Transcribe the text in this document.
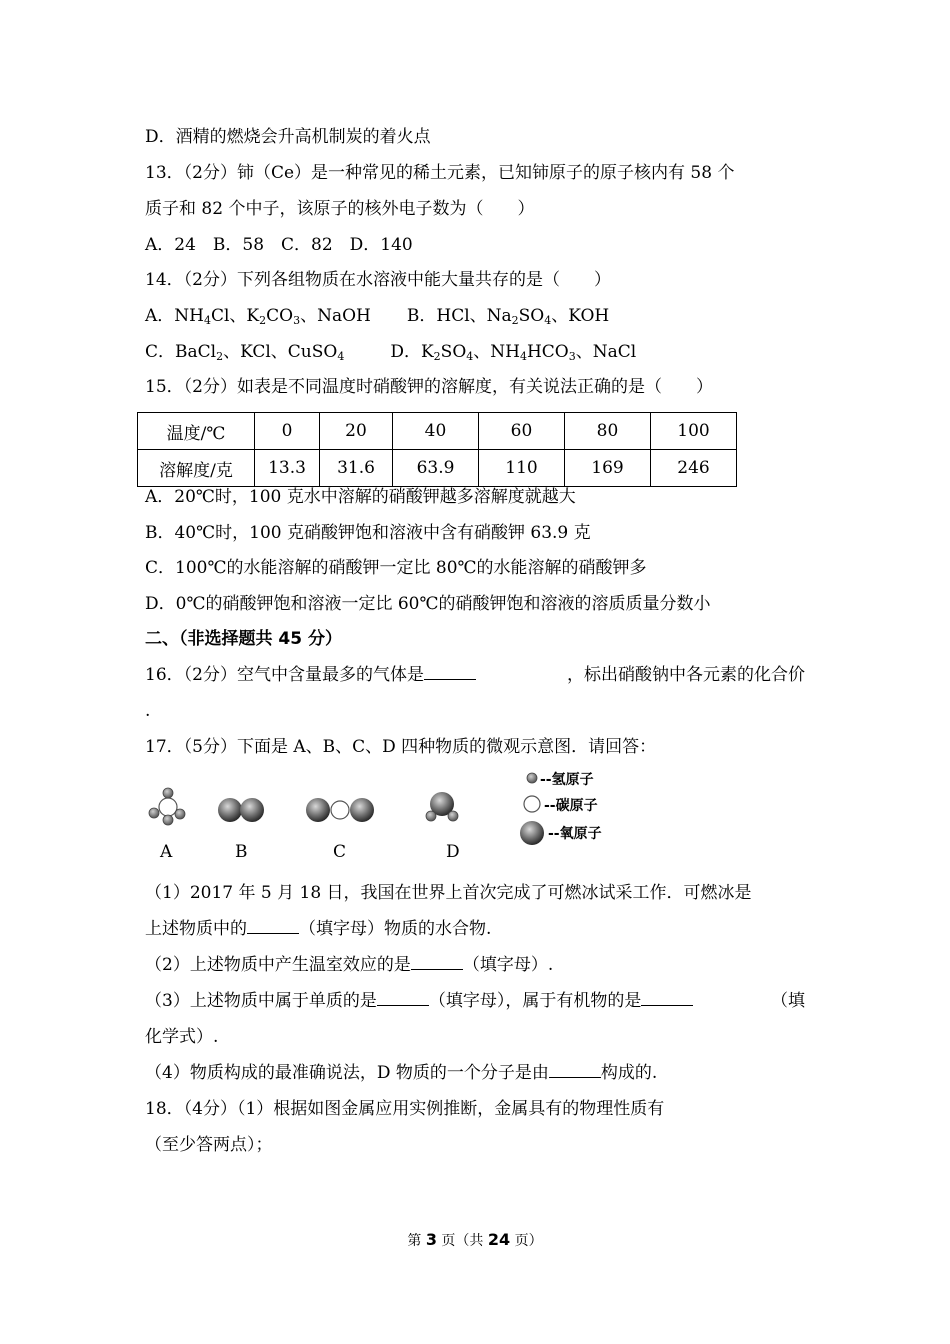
D．酒精的燃烧会升高机制炭的着火点
13．（2分）铈（Ce）是一种常见的稀土元素，已知铈原子的原子核内有 58 个
质子和 82 个中子，该原子的核外电子数为（　　）
A．24　B．58　C．82　D．140
14．（2分）下列各组物质在水溶液中能大量共存的是（　　）
A．$NH_4Cl$、$K_2CO_3$、NaOH B．HCl、$Na_2SO_4$、KOH
C．BaCl$_2$、KCl、CuSO$_4$	D．$K_2SO_4$、$NH_4HCO_3$、NaCl
15．（2分）如表是不同温度时硝酸钾的溶解度，有关说法正确的是（　　）
温度/℃	0	20	40	60	80	100
溶解度/克	13.3	31.6	63.9	110	169	246
A．20℃时，100 克水中溶解的硝酸钾越多溶解度就越大
B．40℃时，100 克硝酸钾饱和溶液中含有硝酸钾 63.9 克
C．100℃的水能溶解的硝酸钾一定比 80℃的水能溶解的硝酸钾多
D．0℃的硝酸钾饱和溶液一定比 60℃的硝酸钾饱和溶液的溶质质量分数小
二、（非选择题共 45 分）
16．（2分）空气中含量最多的气体是	，标出硝酸钠中各元素的化合价
.
17．（5分）下面是 A、B、C、D 四种物质的微观示意图．请回答：
--氢原子
--碳原子
--氧原子
A	B	C	D
（1）2017 年 5 月 18 日，我国在世界上首次完成了可燃冰试采工作．可燃冰是
上述物质中的	（填字母）物质的水合物.
（2）上述物质中产生温室效应的是	（填字母）.
（3）上述物质中属于单质的是	（填字母），属于有机物的是	（填
化学式）.
（4）物质构成的最准确说法，D 物质的一个分子是由	构成的.
18．（4分）（1）根据如图金属应用实例推断，金属具有的物理性质有
（至少答两点）；
第 3 页（共 24 页）
